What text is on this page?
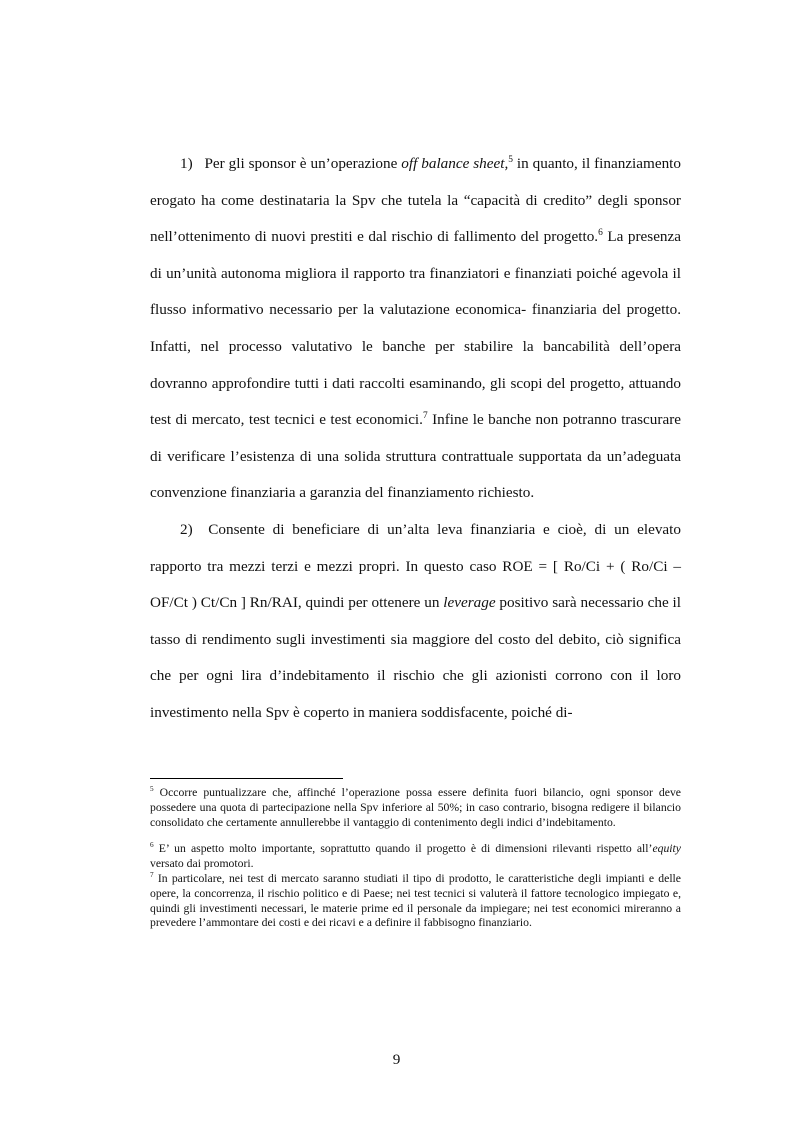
1)   Per gli sponsor è un’operazione off balance sheet,$^5$ in quanto, il finanziamento erogato ha come destinataria la Spv che tutela la “capacità di credito” degli sponsor nell’ottenimento di nuovi prestiti e dal rischio di fallimento del progetto.$^6$ La presenza di un’unità autonoma migliora il rapporto tra finanziatori e finanziati poiché agevola il flusso informativo necessario per la valutazione economica- finanziaria del progetto. Infatti, nel processo valutativo le banche per stabilire la bancabilità dell’opera dovranno approfondire tutti i dati raccolti esaminando, gli scopi del progetto, attuando test di mercato, test tecnici e test economici.$^7$ Infine le banche non potranno trascurare di verificare l’esistenza di una solida struttura contrattuale supportata da un’adeguata convenzione finanziaria a garanzia del finanziamento richiesto.

2)  Consente di beneficiare di un’alta leva finanziaria e cioè, di un elevato rapporto tra mezzi terzi e mezzi propri. In questo caso ROE = [ Ro/Ci + ( Ro/Ci – OF/Ct ) Ct/Cn ] Rn/RAI, quindi per ottenere un leverage positivo sarà necessario che il tasso di rendimento sugli investimenti sia maggiore del costo del debito, ciò significa che per ogni lira d’indebitamento il rischio che gli azionisti corrono con il loro investimento nella Spv è coperto in maniera soddisfacente, poiché di-

$^5$ Occorre puntualizzare che, affinché l’operazione possa essere definita fuori bilancio, ogni sponsor deve possedere una quota di partecipazione nella Spv inferiore al 50%; in caso contrario, bisogna redigere il bilancio consolidato che certamente annullerebbe il vantaggio di contenimento degli indici d’indebitamento.

$^6$ E’ un aspetto molto importante, soprattutto quando il progetto è di dimensioni rilevanti rispetto all’equity versato dai promotori.

$^7$ In particolare, nei test di mercato saranno studiati il tipo di prodotto, le caratteristiche degli impianti e delle opere, la concorrenza, il rischio politico e di Paese; nei test tecnici si valuterà il fattore tecnologico impiegato e, quindi gli investimenti necessari, le materie prime ed il personale da impiegare; nei test economici mireranno a prevedere l’ammontare dei costi e dei ricavi e a definire il fabbisogno finanziario.

9
